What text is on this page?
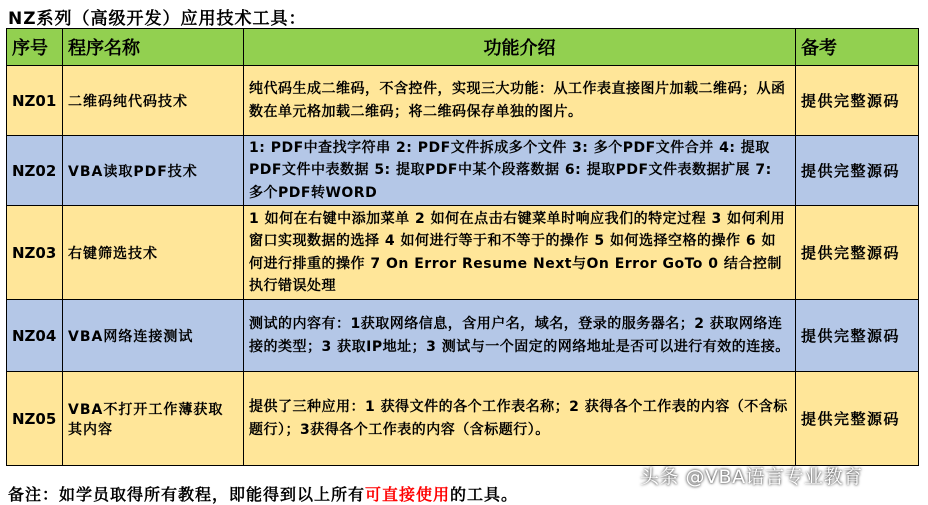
NZ系列（高级开发）应用技术工具：
序号	程序名称	功能介绍	备考
NZ01	二维码纯代码技术	纯代码生成二维码，不含控件，实现三大功能：从工作表直接图片加载二维码；从函数在单元格加载二维码；将二维码保存单独的图片。	提供完整源码
NZ02	VBA读取PDF技术	1: PDF中查找字符串 2: PDF文件拆成多个文件 3: 多个PDF文件合并 4: 提取PDF文件中表数据 5: 提取PDF中某个段落数据 6: 提取PDF文件表数据扩展 7: 多个PDF转WORD	提供完整源码
NZ03	右键筛选技术	1 如何在右键中添加菜单 2 如何在点击右键菜单时响应我们的特定过程 3 如何利用窗口实现数据的选择 4 如何进行等于和不等于的操作 5 如何选择空格的操作 6 如何进行排重的操作 7 On Error Resume Next与On Error GoTo 0 结合控制执行错误处理	提供完整源码
NZ04	VBA网络连接测试	测试的内容有：1获取网络信息，含用户名，域名，登录的服务器名；2 获取网络连接的类型；3 获取IP地址；3 测试与一个固定的网络地址是否可以进行有效的连接。	提供完整源码
NZ05	VBA不打开工作薄获取其内容	提供了三种应用：1 获得文件的各个工作表名称；2 获得各个工作表的内容（不含标题行）；3获得各个工作表的内容（含标题行）。	提供完整源码
头条 @VBA语言专业教育
备注：如学员取得所有教程，即能得到以上所有可直接使用的工具。
